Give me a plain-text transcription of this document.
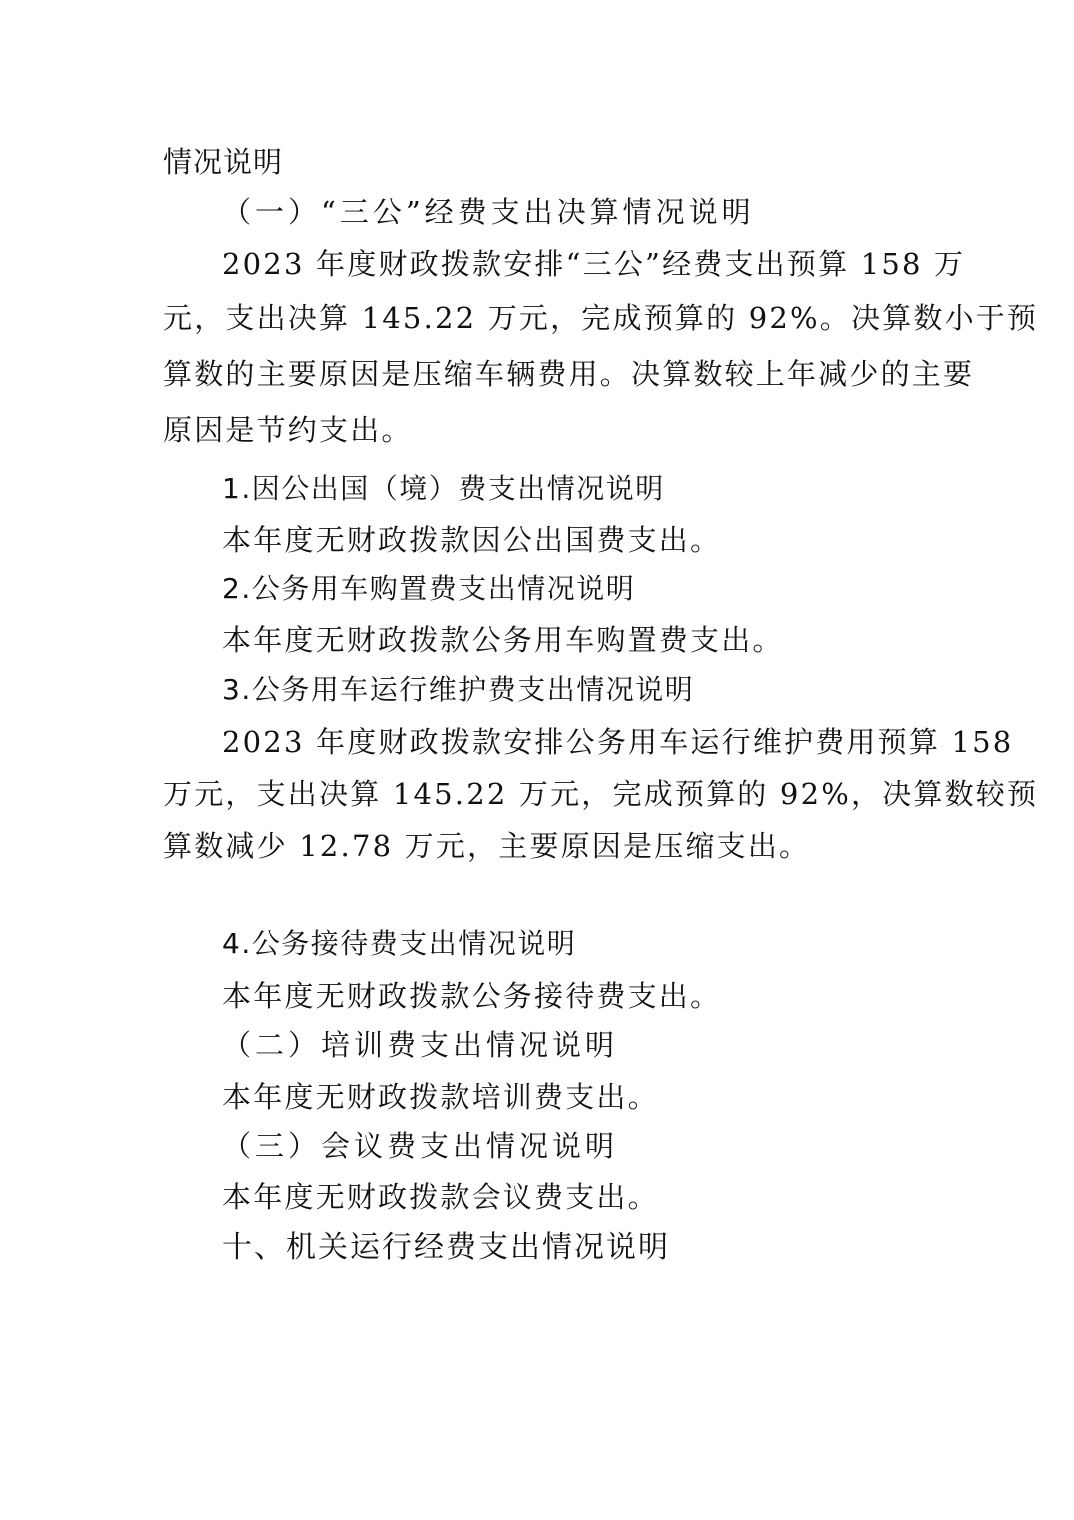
情况说明
（一）“三公”经费支出决算情况说明
2023 年度财政拨款安排“三公”经费支出预算 158 万
元，支出决算 145.22 万元，完成预算的 92%。决算数小于预
算数的主要原因是压缩车辆费用。决算数较上年减少的主要
原因是节约支出。
1.因公出国（境）费支出情况说明
本年度无财政拨款因公出国费支出。
2.公务用车购置费支出情况说明
本年度无财政拨款公务用车购置费支出。
3.公务用车运行维护费支出情况说明
2023 年度财政拨款安排公务用车运行维护费用预算 158
万元，支出决算 145.22 万元，完成预算的 92%，决算数较预
算数减少 12.78 万元，主要原因是压缩支出。
4.公务接待费支出情况说明
本年度无财政拨款公务接待费支出。
（二）培训费支出情况说明
本年度无财政拨款培训费支出。
（三）会议费支出情况说明
本年度无财政拨款会议费支出。
十、机关运行经费支出情况说明
